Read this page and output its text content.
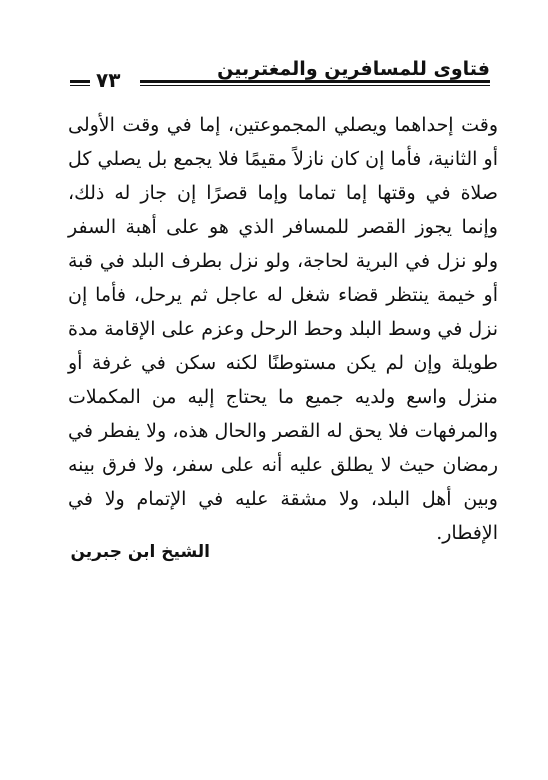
فتاوى للمسافرين والمغتربين
٧٣
وقت إحداهما ويصلي المجموعتين، إما في وقت الأولى أو الثانية، فأما إن كان نازلاً مقيمًا فلا يجمع بل يصلي كل صلاة في وقتها إما تماما وإما قصرًا إن جاز له ذلك، وإنما يجوز القصر للمسافر الذي هو على أهبة السفر ولو نزل في البرية لحاجة، ولو نزل بطرف البلد في قبة أو خيمة ينتظر قضاء شغل له عاجل ثم يرحل، فأما إن نزل في وسط البلد وحط الرحل وعزم على الإقامة مدة طويلة وإن لم يكن مستوطنًا لكنه سكن في غرفة أو منزل واسع ولديه جميع ما يحتاج إليه من المكملات والمرفهات فلا يحق له القصر والحال هذه، ولا يفطر في رمضان حيث لا يطلق عليه أنه على سفر، ولا فرق بينه وبين أهل البلد، ولا مشقة عليه في الإتمام ولا في الإفطار.
الشيخ ابن جبرين
